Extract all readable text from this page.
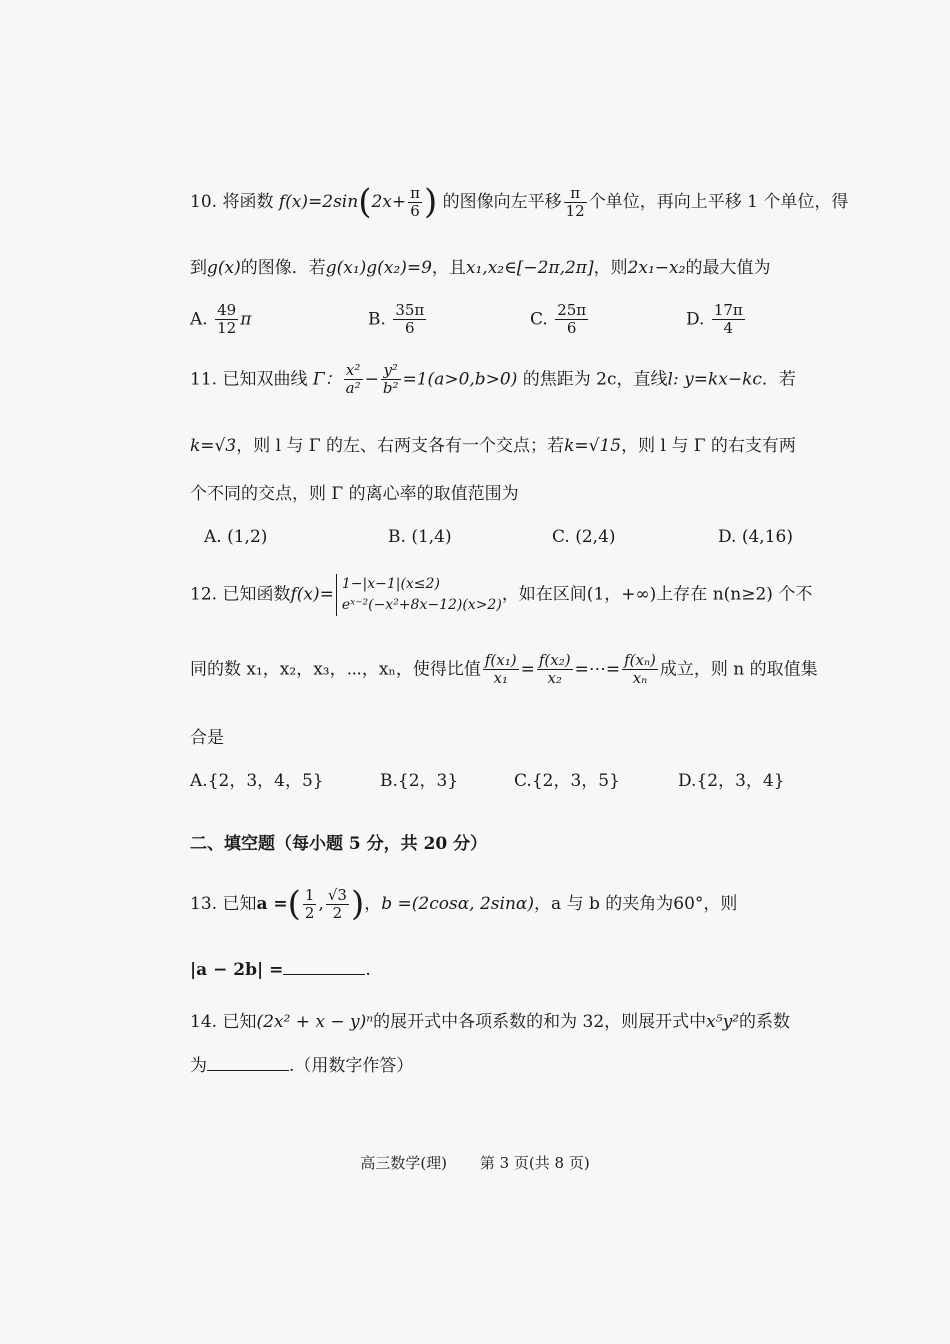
10. 将函数 $f(x)=2\sin(2x+ \frac{\pi}{6}$ ) 的图像向左平移 $\frac{\pi}{12}$ 个单位，再向上平移 1 个单位，得
到g(x)的图像．若g(x₁)g(x₂)=9，且x₁,x₂∈[−2π,2π]，则2x₁−x₂的最大值为
A. $\frac{49}{12}$ π	B. $\frac{35\pi}{6}$	C. $\frac{25\pi}{6}$	D. $\frac{17\pi}{4}$
11. 已知双曲线 Γ： $\frac{\text{x²}}{\text{a²}} - \frac{\text{y²}}{\text{b²}} =1(a>0,b>0)$ 的焦距为 2c，直线l: y=kx−kc．若
k=√3，则 l 与 Γ 的左、右两支各有一个交点；若k=√15，则 l 与 Γ 的右支有两
个不同的交点，则 Γ 的离心率的取值范围为
A. (1,2)	B. (1,4)	C. (2,4)	D. (4,16)
12. 已知函数f(x)=
1−|x−1|(x≤2)
eˣ⁻²(−x²+8x−12)(x>2)
，如在区间(1，+∞)上存在 n(n≥2) 个不
同的数 x₁，x₂，x₃，⋯，xₙ，使得比值 $\frac{\text{f(x₁)}}{\text{x₁}} = \frac{\text{f(x₂)}}{\text{x₂}}$ =⋯= $\frac{\text{f(xₙ)}}{\text{xₙ}}$ 成立，则 n 的取值集
合是
A.{2，3，4，5}	B.{2，3}	C.{2，3，5}	D.{2，3，4}
二、填空题（每小题 5 分，共 20 分）
13. 已知a =( $\frac{1}{2}$ , $\frac{√3}{2}$ )，b =(2cosα, 2sinα)，a 与 b 的夹角为60°，则
|a − 2b| =	.
14. 已知(2x² + x − y)ⁿ的展开式中各项系数的和为 32，则展开式中x⁵y²的系数
为	.（用数字作答）
高三数学(理) 第 3 页(共 8 页)
